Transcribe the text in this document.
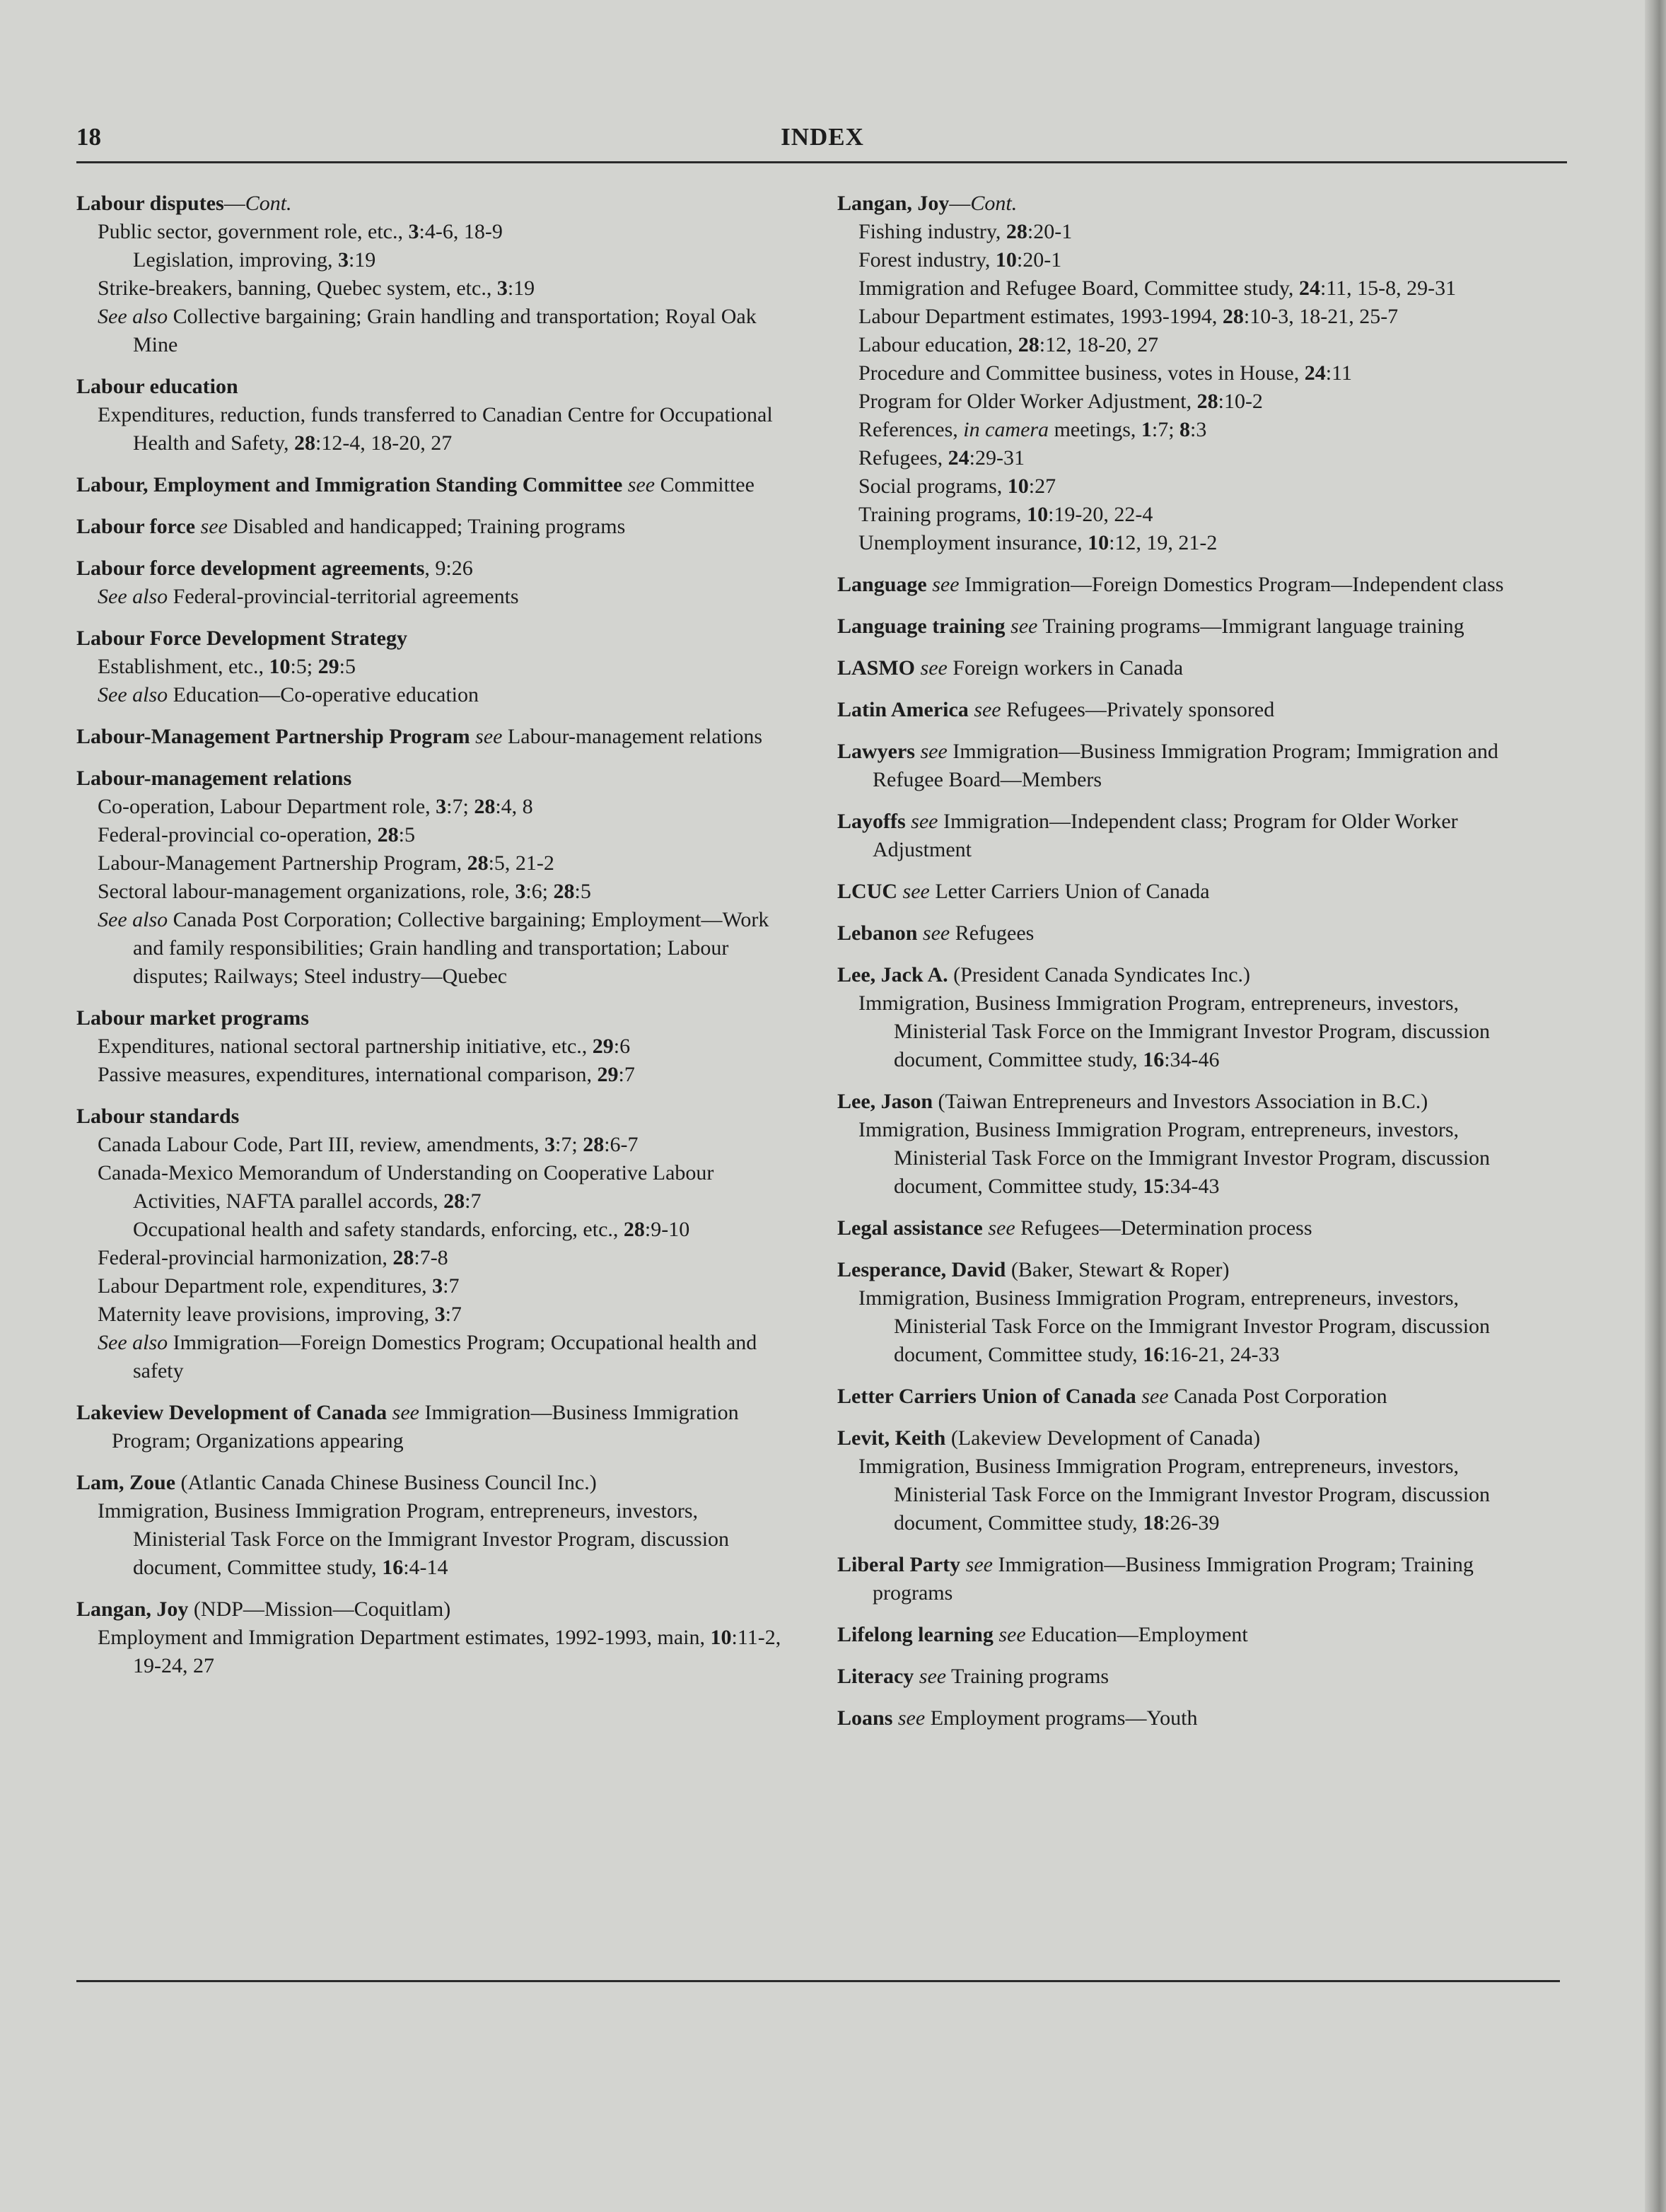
18	INDEX
Labour disputes—Cont.
Public sector, government role, etc., 3:4-6, 18-9
Legislation, improving, 3:19
Strike-breakers, banning, Quebec system, etc., 3:19
See also Collective bargaining; Grain handling and transportation; Royal Oak Mine
Labour education
Expenditures, reduction, funds transferred to Canadian Centre for Occupational Health and Safety, 28:12-4, 18-20, 27
Labour, Employment and Immigration Standing Committee see Committee
Labour force see Disabled and handicapped; Training programs
Labour force development agreements, 9:26
See also Federal-provincial-territorial agreements
Labour Force Development Strategy
Establishment, etc., 10:5; 29:5
See also Education—Co-operative education
Labour-Management Partnership Program see Labour-management relations
Labour-management relations
Co-operation, Labour Department role, 3:7; 28:4, 8
Federal-provincial co-operation, 28:5
Labour-Management Partnership Program, 28:5, 21-2
Sectoral labour-management organizations, role, 3:6; 28:5
See also Canada Post Corporation; Collective bargaining; Employment—Work and family responsibilities; Grain handling and transportation; Labour disputes; Railways; Steel industry—Quebec
Labour market programs
Expenditures, national sectoral partnership initiative, etc., 29:6
Passive measures, expenditures, international comparison, 29:7
Labour standards
Canada Labour Code, Part III, review, amendments, 3:7; 28:6-7
Canada-Mexico Memorandum of Understanding on Cooperative Labour Activities, NAFTA parallel accords, 28:7
Occupational health and safety standards, enforcing, etc., 28:9-10
Federal-provincial harmonization, 28:7-8
Labour Department role, expenditures, 3:7
Maternity leave provisions, improving, 3:7
See also Immigration—Foreign Domestics Program; Occupational health and safety
Lakeview Development of Canada see Immigration—Business Immigration Program; Organizations appearing
Lam, Zoue (Atlantic Canada Chinese Business Council Inc.)
Immigration, Business Immigration Program, entrepreneurs, investors, Ministerial Task Force on the Immigrant Investor Program, discussion document, Committee study, 16:4-14
Langan, Joy (NDP—Mission—Coquitlam)
Employment and Immigration Department estimates, 1992-1993, main, 10:11-2, 19-24, 27
Langan, Joy—Cont.
Fishing industry, 28:20-1
Forest industry, 10:20-1
Immigration and Refugee Board, Committee study, 24:11, 15-8, 29-31
Labour Department estimates, 1993-1994, 28:10-3, 18-21, 25-7
Labour education, 28:12, 18-20, 27
Procedure and Committee business, votes in House, 24:11
Program for Older Worker Adjustment, 28:10-2
References, in camera meetings, 1:7; 8:3
Refugees, 24:29-31
Social programs, 10:27
Training programs, 10:19-20, 22-4
Unemployment insurance, 10:12, 19, 21-2
Language see Immigration—Foreign Domestics Program—Independent class
Language training see Training programs—Immigrant language training
LASMO see Foreign workers in Canada
Latin America see Refugees—Privately sponsored
Lawyers see Immigration—Business Immigration Program; Immigration and Refugee Board—Members
Layoffs see Immigration—Independent class; Program for Older Worker Adjustment
LCUC see Letter Carriers Union of Canada
Lebanon see Refugees
Lee, Jack A. (President Canada Syndicates Inc.)
Immigration, Business Immigration Program, entrepreneurs, investors, Ministerial Task Force on the Immigrant Investor Program, discussion document, Committee study, 16:34-46
Lee, Jason (Taiwan Entrepreneurs and Investors Association in B.C.)
Immigration, Business Immigration Program, entrepreneurs, investors, Ministerial Task Force on the Immigrant Investor Program, discussion document, Committee study, 15:34-43
Legal assistance see Refugees—Determination process
Lesperance, David (Baker, Stewart & Roper)
Immigration, Business Immigration Program, entrepreneurs, investors, Ministerial Task Force on the Immigrant Investor Program, discussion document, Committee study, 16:16-21, 24-33
Letter Carriers Union of Canada see Canada Post Corporation
Levit, Keith (Lakeview Development of Canada)
Immigration, Business Immigration Program, entrepreneurs, investors, Ministerial Task Force on the Immigrant Investor Program, discussion document, Committee study, 18:26-39
Liberal Party see Immigration—Business Immigration Program; Training programs
Lifelong learning see Education—Employment
Literacy see Training programs
Loans see Employment programs—Youth
